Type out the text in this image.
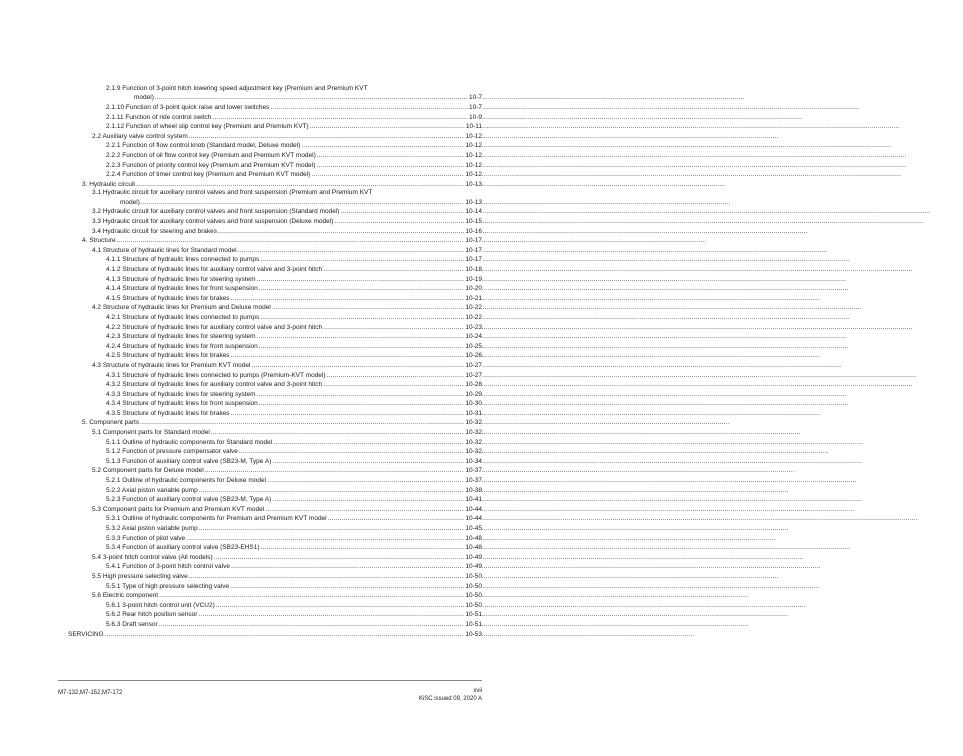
2.1.9 Function of 3-point hitch lowering speed adjustment key (Premium and Premium KVT
model) .....	10-7
2.1.10 Function of 3-point quick raise and lower switches .....	10-7
2.1.11 Function of ride control switch .....	10-9
2.1.12 Function of wheel slip control key (Premium and Premium KVT) .....	10-11
2.2 Auxiliary valve control system .....	10-12
2.2.1 Function of flow control knob (Standard model, Deluxe model) .....	10-12
2.2.2 Function of oil flow control key (Premium and Premium KVT model) .....	10-12
2.2.3 Function of priority control key (Premium and Premium KVT model) .....	10-12
2.2.4 Function of timer control key (Premium and Premium KVT model) .....	10-12
3. Hydraulic circuit .....	10-13
3.1 Hydraulic circuit for auxiliary control valves and front suspension (Premium and Premium KVT
model) .....	10-13
3.2 Hydraulic circuit for auxiliary control valves and front suspension (Standard model) .....	10-14
3.3 Hydraulic circuit for auxiliary control valves and front suspension (Deluxe model) .....	10-15
3.4 Hydraulic circuit for steering and brakes .....	10-16
4. Structure .....	10-17
4.1 Structure of hydraulic lines for Standard model .....	10-17
4.1.1 Structure of hydraulic lines connected to pumps .....	10-17
4.1.2 Structure of hydraulic lines for auxiliary control valve and 3-point hitch .....	10-18
4.1.3 Structure of hydraulic lines for steering system .....	10-19
4.1.4 Structure of hydraulic lines for front suspension .....	10-20
4.1.5 Structure of hydraulic lines for brakes .....	10-21
4.2 Structure of hydraulic lines for Premium and Deluxe model .....	10-22
4.2.1 Structure of hydraulic lines connected to pumps .....	10-22
4.2.2 Structure of hydraulic lines for auxiliary control valve and 3-point hitch .....	10-23
4.2.3 Structure of hydraulic lines for steering system .....	10-24
4.2.4 Structure of hydraulic lines for front suspension .....	10-25
4.2.5 Structure of hydraulic lines for brakes .....	10-26
4.3 Structure of hydraulic lines for Premium KVT model .....	10-27
4.3.1 Structure of hydraulic lines connected to pumps (Premium-KVT model) .....	10-27
4.3.2 Structure of hydraulic lines for auxiliary control valve and 3-point hitch .....	10-28
4.3.3 Structure of hydraulic lines for steering system .....	10-29
4.3.4 Structure of hydraulic lines for front suspension .....	10-30
4.3.5 Structure of hydraulic lines for brakes .....	10-31
5. Component parts .....	10-32
5.1 Component parts for Standard model .....	10-32
5.1.1 Outline of hydraulic components for Standard model .....	10-32
5.1.2 Function of pressure compensator valve .....	10-32
5.1.3 Function of auxiliary control valve (SB23-M, Type A) .....	10-34
5.2 Component parts for Deluxe model .....	10-37
5.2.1 Outline of hydraulic components for Deluxe model .....	10-37
5.2.2 Axial piston variable pump .....	10-38
5.2.3 Function of auxiliary control valve (SB23-M, Type A) .....	10-41
5.3 Component parts for Premium and Premium KVT model .....	10-44
5.3.1 Outline of hydraulic components for Premium and Premium KVT model .....	10-44
5.3.2 Axial piston variable pump .....	10-45
5.3.3 Function of pilot valve .....	10-48
5.3.4 Function of auxiliary control valve (SB23-EHS1) .....	10-48
5.4 3-point hitch control valve (All models) .....	10-49
5.4.1 Function of 3-point hitch control valve .....	10-49
5.5 High pressure selecting valve .....	10-50
5.5.1 Type of high pressure selecting valve .....	10-50
5.6 Electric component .....	10-50
5.6.1 3-point hitch control unit (VCU2) .....	10-50
5.6.2 Rear hitch position sensor .....	10-51
5.6.3 Draft sensor .....	10-51
SERVICING .....	10-53
M7-132,M7-152,M7-172	xvii
KiSC issued 09, 2020 A
